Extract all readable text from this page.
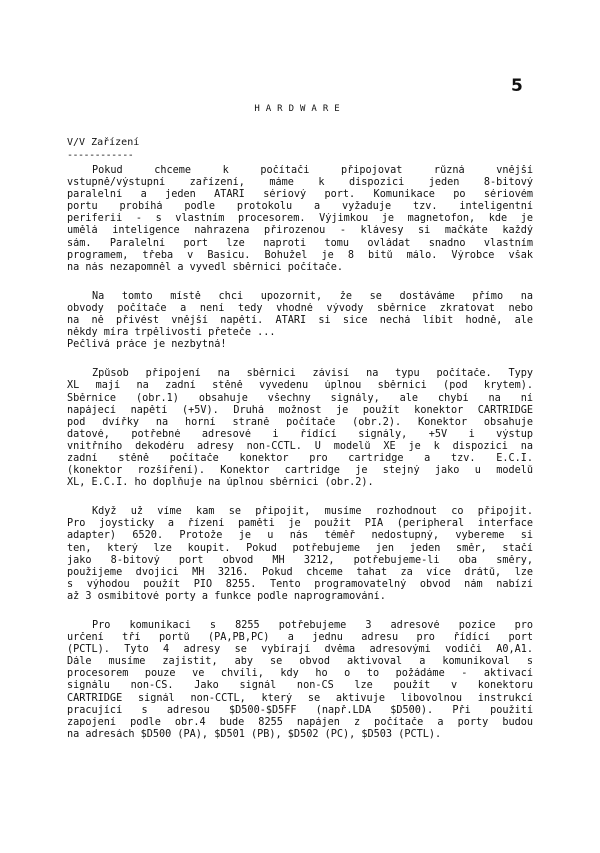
5
HARDWARE
V/V Zařízení
------------
Pokud chceme k počítači připojovat různá vnější
vstupně/výstupní zařízení, máme k dispozici jeden 8-bitový
paralelní a jeden ATARI sériový port. Komunikace po sériovém
portu probíhá podle protokolu a vyžaduje tzv. inteligentní
periferii - s vlastním procesorem. Výjimkou je magnetofon, kde je
umělá inteligence nahrazena přirozenou - klávesy si mačkáte každý
sám. Paralelní port lze naproti tomu ovládat snadno vlastním
programem, třeba v Basicu. Bohužel je 8 bitů málo. Výrobce však
na nás nezapomněl a vyvedl sběrnici počítače.
Na tomto místě chci upozornit, že se dostáváme přímo na
obvody počítače a není tedy vhodné vývody sběrnice zkratovat nebo
na ně přivést vnější napětí. ATARI si sice nechá líbit hodně, ale
někdy míra trpělivosti přeteče ...
Pečlivá práce je nezbytná!
Způsob připojení na sběrnici závisí na typu počítače. Typy
XL mají na zadní stěně vyvedenu úplnou sběrnici (pod krytem).
Sběrnice (obr.1) obsahuje všechny signály, ale chybí na ní
napájecí napětí (+5V). Druhá možnost je použít konektor CARTRIDGE
pod dvířky na horní straně počítače (obr.2). Konektor obsahuje
datové, potřebné adresové i řídící signály, +5V i výstup
vnitřního dekodéru adresy non-CCTL. U modelů XE je k dispozici na
zadní stěně počítače konektor pro cartridge a tzv. E.C.I.
(konektor rozšíření). Konektor cartridge je stejný jako u modelů
XL, E.C.I. ho doplňuje na úplnou sběrnici (obr.2).
Když už víme kam se připojit, musíme rozhodnout co připojit.
Pro joysticky a řízení paměti je použit PIA (peripheral interface
adapter) 6520. Protože je u nás téměř nedostupný, vybereme si
ten, který lze koupit. Pokud potřebujeme jen jeden směr, stačí
jako 8-bitový port obvod MH 3212, potřebujeme-li oba směry,
použijeme dvojici MH 3216. Pokud chceme tahat za více drátů, lze
s výhodou použít PIO 8255. Tento programovatelný obvod nám nabízí
až 3 osmibitové porty a funkce podle naprogramování.
Pro komunikaci s 8255 potřebujeme 3 adresové pozice pro
určení tří portů (PA,PB,PC) a jednu adresu pro řídící port
(PCTL). Tyto 4 adresy se vybírají dvěma adresovými vodiči A0,A1.
Dále musíme zajistit, aby se obvod aktivoval a komunikoval s
procesorem pouze ve chvíli, kdy ho o to požádáme - aktivací
signálu non-CS. Jako signál non-CS lze použít v konektoru
CARTRIDGE signál non-CCTL, který se aktivuje libovolnou instrukcí
pracující s adresou $D500-$D5FF (např.LDA $D500). Při použití
zapojení podle obr.4 bude 8255 napájen z počítače a porty budou
na adresách $D500 (PA), $D501 (PB), $D502 (PC), $D503 (PCTL).
